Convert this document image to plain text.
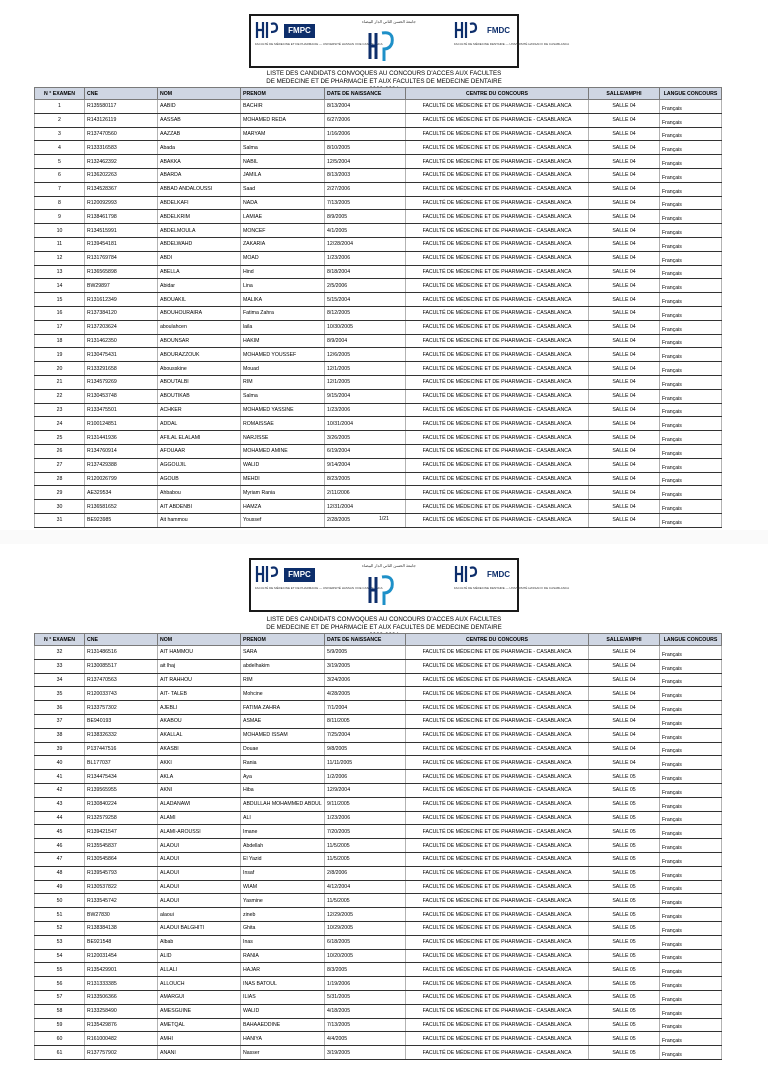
FMPC
FACULTÉ DE MÉDECINE ET DE PHARMACIE — UNIVERSITÉ HASSAN II DE CASABLANCA
جامعة الحسن الثاني الدار البيضاء
FMDC
FACULTÉ DE MÉDECINE DENTAIRE — UNIVERSITÉ HASSAN II DE CASABLANCA
LISTE DES CANDIDATS CONVOQUES AU CONCOURS D'ACCES AUX FACULTES
DE MEDECINE ET DE PHARMACIE ET AUX FACULTES DE MEDECINE DENTAIRE
N ° EXAMEN	CNE	NOM	PRENOM	DATE DE NAISSANCE	CENTRE DU CONCOURS	SALLE/AMPHI	LANGUE CONCOURS
1	R135580117	AABID	BACHIR	8/13/2004	FACULTÉ DE MÉDECINE ET DE PHARMACIE - CASABLANCA	SALLE 04	Français
2	R143126119	AASSAB	MOHAMED REDA	6/27/2006	FACULTÉ DE MÉDECINE ET DE PHARMACIE - CASABLANCA	SALLE 04	Français
3	R137470560	AAZZAB	MARYAM	1/16/2006	FACULTÉ DE MÉDECINE ET DE PHARMACIE - CASABLANCA	SALLE 04	Français
4	R133316583	Abada	Salma	8/10/2005	FACULTÉ DE MÉDECINE ET DE PHARMACIE - CASABLANCA	SALLE 04	Français
5	R132462392	ABAKKA	NABIL	12/5/2004	FACULTÉ DE MÉDECINE ET DE PHARMACIE - CASABLANCA	SALLE 04	Français
6	R136202263	ABARDA	JAMILA	8/13/2003	FACULTÉ DE MÉDECINE ET DE PHARMACIE - CASABLANCA	SALLE 04	Français
7	R134528367	ABBAD ANDALOUSSI	Saad	2/27/2006	FACULTÉ DE MÉDECINE ET DE PHARMACIE - CASABLANCA	SALLE 04	Français
8	R120092993	ABDELKAFI	NADA	7/13/2005	FACULTÉ DE MÉDECINE ET DE PHARMACIE - CASABLANCA	SALLE 04	Français
9	R138461798	ABDELKRIM	LAMIAE	8/9/2005	FACULTÉ DE MÉDECINE ET DE PHARMACIE - CASABLANCA	SALLE 04	Français
10	R134515991	ABDELMOULA	MONCEF	4/1/2005	FACULTÉ DE MÉDECINE ET DE PHARMACIE - CASABLANCA	SALLE 04	Français
11	R139454181	ABDELWAHD	ZAKARIA	12/28/2004	FACULTÉ DE MÉDECINE ET DE PHARMACIE - CASABLANCA	SALLE 04	Français
12	R131769784	ABDI	MOAD	1/23/2006	FACULTÉ DE MÉDECINE ET DE PHARMACIE - CASABLANCA	SALLE 04	Français
13	R136565898	ABELLA	Hind	8/18/2004	FACULTÉ DE MÉDECINE ET DE PHARMACIE - CASABLANCA	SALLE 04	Français
14	BW29897	Abidar	Lina	2/5/2006	FACULTÉ DE MÉDECINE ET DE PHARMACIE - CASABLANCA	SALLE 04	Français
15	R131612349	ABOUAKIL	MALIKA	5/15/2004	FACULTÉ DE MÉDECINE ET DE PHARMACIE - CASABLANCA	SALLE 04	Français
16	R137384120	ABOUHOURAIRA	Fatima Zahra	8/12/2005	FACULTÉ DE MÉDECINE ET DE PHARMACIE - CASABLANCA	SALLE 04	Français
17	R137203624	aboulahcen	laila	10/30/2005	FACULTÉ DE MÉDECINE ET DE PHARMACIE - CASABLANCA	SALLE 04	Français
18	R131462350	ABOUNSAR	HAKIM	8/9/2004	FACULTÉ DE MÉDECINE ET DE PHARMACIE - CASABLANCA	SALLE 04	Français
19	R130475431	ABOURAZZOUK	MOHAMED YOUSSEF	12/6/2005	FACULTÉ DE MÉDECINE ET DE PHARMACIE - CASABLANCA	SALLE 04	Français
20	R133291658	Abousskine	Mouad	12/1/2005	FACULTÉ DE MÉDECINE ET DE PHARMACIE - CASABLANCA	SALLE 04	Français
21	R134579269	ABOUTALBI	RIM	12/1/2005	FACULTÉ DE MÉDECINE ET DE PHARMACIE - CASABLANCA	SALLE 04	Français
22	R130453748	ABOUTIKAB	Salma	9/15/2004	FACULTÉ DE MÉDECINE ET DE PHARMACIE - CASABLANCA	SALLE 04	Français
23	R133475501	ACHKER	MOHAMED YASSINE	1/23/2006	FACULTÉ DE MÉDECINE ET DE PHARMACIE - CASABLANCA	SALLE 04	Français
24	R100124851	ADDAL	ROMAISSAE	10/31/2004	FACULTÉ DE MÉDECINE ET DE PHARMACIE - CASABLANCA	SALLE 04	Français
25	R131441936	AFILAL ELALAMI	NARJISSE	3/26/2005	FACULTÉ DE MÉDECINE ET DE PHARMACIE - CASABLANCA	SALLE 04	Français
26	R134760914	AFOUAAR	MOHAMED AMINE	6/19/2004	FACULTÉ DE MÉDECINE ET DE PHARMACIE - CASABLANCA	SALLE 04	Français
27	R137429388	AGGOUJIL	WALID	9/14/2004	FACULTÉ DE MÉDECINE ET DE PHARMACIE - CASABLANCA	SALLE 04	Français
28	R120026799	AGOUB	MEHDI	8/23/2005	FACULTÉ DE MÉDECINE ET DE PHARMACIE - CASABLANCA	SALLE 04	Français
29	AE329534	Ahbabou	Myriam Rania	2/11/2006	FACULTÉ DE MÉDECINE ET DE PHARMACIE - CASABLANCA	SALLE 04	Français
30	R136581652	AIT ABDENBI	HAMZA	12/31/2004	FACULTÉ DE MÉDECINE ET DE PHARMACIE - CASABLANCA	SALLE 04	Français
31	BE923985	Ait hammou	Youssef	2/28/2005	FACULTÉ DE MÉDECINE ET DE PHARMACIE - CASABLANCA	SALLE 04	Français
1/21
FMPC
FACULTÉ DE MÉDECINE ET DE PHARMACIE — UNIVERSITÉ HASSAN II DE CASABLANCA
جامعة الحسن الثاني الدار البيضاء
FMDC
FACULTÉ DE MÉDECINE DENTAIRE — UNIVERSITÉ HASSAN II DE CASABLANCA
LISTE DES CANDIDATS CONVOQUES AU CONCOURS D'ACCES AUX FACULTES
DE MEDECINE ET DE PHARMACIE ET AUX FACULTES DE MEDECINE DENTAIRE
N ° EXAMEN	CNE	NOM	PRENOM	DATE DE NAISSANCE	CENTRE DU CONCOURS	SALLE/AMPHI	LANGUE CONCOURS
32	R131486516	AIT HAMMOU	SARA	5/9/2005	FACULTÉ DE MÉDECINE ET DE PHARMACIE - CASABLANCA	SALLE 04	Français
33	R130085517	ait lhaj	abdelhakim	3/19/2005	FACULTÉ DE MÉDECINE ET DE PHARMACIE - CASABLANCA	SALLE 04	Français
34	R137470563	AIT RAHHOU	RIM	3/24/2006	FACULTÉ DE MÉDECINE ET DE PHARMACIE - CASABLANCA	SALLE 04	Français
35	R120033743	AIT- TALEB	Mohcine	4/28/2005	FACULTÉ DE MÉDECINE ET DE PHARMACIE - CASABLANCA	SALLE 04	Français
36	R133757302	AJEBLI	FATIMA ZAHRA	7/1/2004	FACULTÉ DE MÉDECINE ET DE PHARMACIE - CASABLANCA	SALLE 04	Français
37	BE940193	AKABOU	ASMAE	8/11/2005	FACULTÉ DE MÉDECINE ET DE PHARMACIE - CASABLANCA	SALLE 04	Français
38	R138326332	AKALLAL	MOHAMED ISSAM	7/25/2004	FACULTÉ DE MÉDECINE ET DE PHARMACIE - CASABLANCA	SALLE 04	Français
39	P137447516	AKASBI	Douae	9/8/2005	FACULTÉ DE MÉDECINE ET DE PHARMACIE - CASABLANCA	SALLE 04	Français
40	BL177037	AKKI	Rania	11/11/2005	FACULTÉ DE MÉDECINE ET DE PHARMACIE - CASABLANCA	SALLE 04	Français
41	R134475434	AKLA	Aya	1/2/2006	FACULTÉ DE MÉDECINE ET DE PHARMACIE - CASABLANCA	SALLE 05	Français
42	R139565955	AKNI	Hiba	12/9/2004	FACULTÉ DE MÉDECINE ET DE PHARMACIE - CASABLANCA	SALLE 05	Français
43	R130840224	ALADANAWI	ABDULLAH MOHAMMED ABDUL	9/11/2005	FACULTÉ DE MÉDECINE ET DE PHARMACIE - CASABLANCA	SALLE 05	Français
44	R132579258	ALAMI	ALI	1/23/2006	FACULTÉ DE MÉDECINE ET DE PHARMACIE - CASABLANCA	SALLE 05	Français
45	R139421547	ALAMI-AROUSSI	Imane	7/20/2005	FACULTÉ DE MÉDECINE ET DE PHARMACIE - CASABLANCA	SALLE 05	Français
46	R135545837	ALAOUI	Abdellah	11/5/2005	FACULTÉ DE MÉDECINE ET DE PHARMACIE - CASABLANCA	SALLE 05	Français
47	R130545864	ALAOUI	El Yazid	11/5/2005	FACULTÉ DE MÉDECINE ET DE PHARMACIE - CASABLANCA	SALLE 05	Français
48	R139545793	ALAOUI	Insaf	2/8/2006	FACULTÉ DE MÉDECINE ET DE PHARMACIE - CASABLANCA	SALLE 05	Français
49	R130537822	ALAOUI	WIAM	4/12/2004	FACULTÉ DE MÉDECINE ET DE PHARMACIE - CASABLANCA	SALLE 05	Français
50	R133545742	ALAOUI	Yasmine	11/5/2005	FACULTÉ DE MÉDECINE ET DE PHARMACIE - CASABLANCA	SALLE 05	Français
51	BW27830	alaoui	zineb	12/29/2005	FACULTÉ DE MÉDECINE ET DE PHARMACIE - CASABLANCA	SALLE 05	Français
52	R138384138	ALAOUI BALGHITI	Ghita	10/29/2005	FACULTÉ DE MÉDECINE ET DE PHARMACIE - CASABLANCA	SALLE 05	Français
53	BE921548	Albab	Inas	6/18/2005	FACULTÉ DE MÉDECINE ET DE PHARMACIE - CASABLANCA	SALLE 05	Français
54	R120031454	ALID	RANIA	10/20/2005	FACULTÉ DE MÉDECINE ET DE PHARMACIE - CASABLANCA	SALLE 05	Français
55	R135429901	ALLALI	HAJAR	8/3/2005	FACULTÉ DE MÉDECINE ET DE PHARMACIE - CASABLANCA	SALLE 05	Français
56	R131333385	ALLOUCH	INAS BATOUL	1/19/2006	FACULTÉ DE MÉDECINE ET DE PHARMACIE - CASABLANCA	SALLE 05	Français
57	R133506366	AMARGUI	ILIAS	5/31/2005	FACULTÉ DE MÉDECINE ET DE PHARMACIE - CASABLANCA	SALLE 05	Français
58	R133258490	AMESGUINE	WALID	4/18/2005	FACULTÉ DE MÉDECINE ET DE PHARMACIE - CASABLANCA	SALLE 05	Français
59	R135429876	AMETQAL	BAHAAEDDINE	7/13/2005	FACULTÉ DE MÉDECINE ET DE PHARMACIE - CASABLANCA	SALLE 05	Français
60	R161000482	AMHI	HANIYA	4/4/2005	FACULTÉ DE MÉDECINE ET DE PHARMACIE - CASABLANCA	SALLE 05	Français
61	R137757902	ANANI	Nasser	3/19/2005	FACULTÉ DE MÉDECINE ET DE PHARMACIE - CASABLANCA	SALLE 05	Français
